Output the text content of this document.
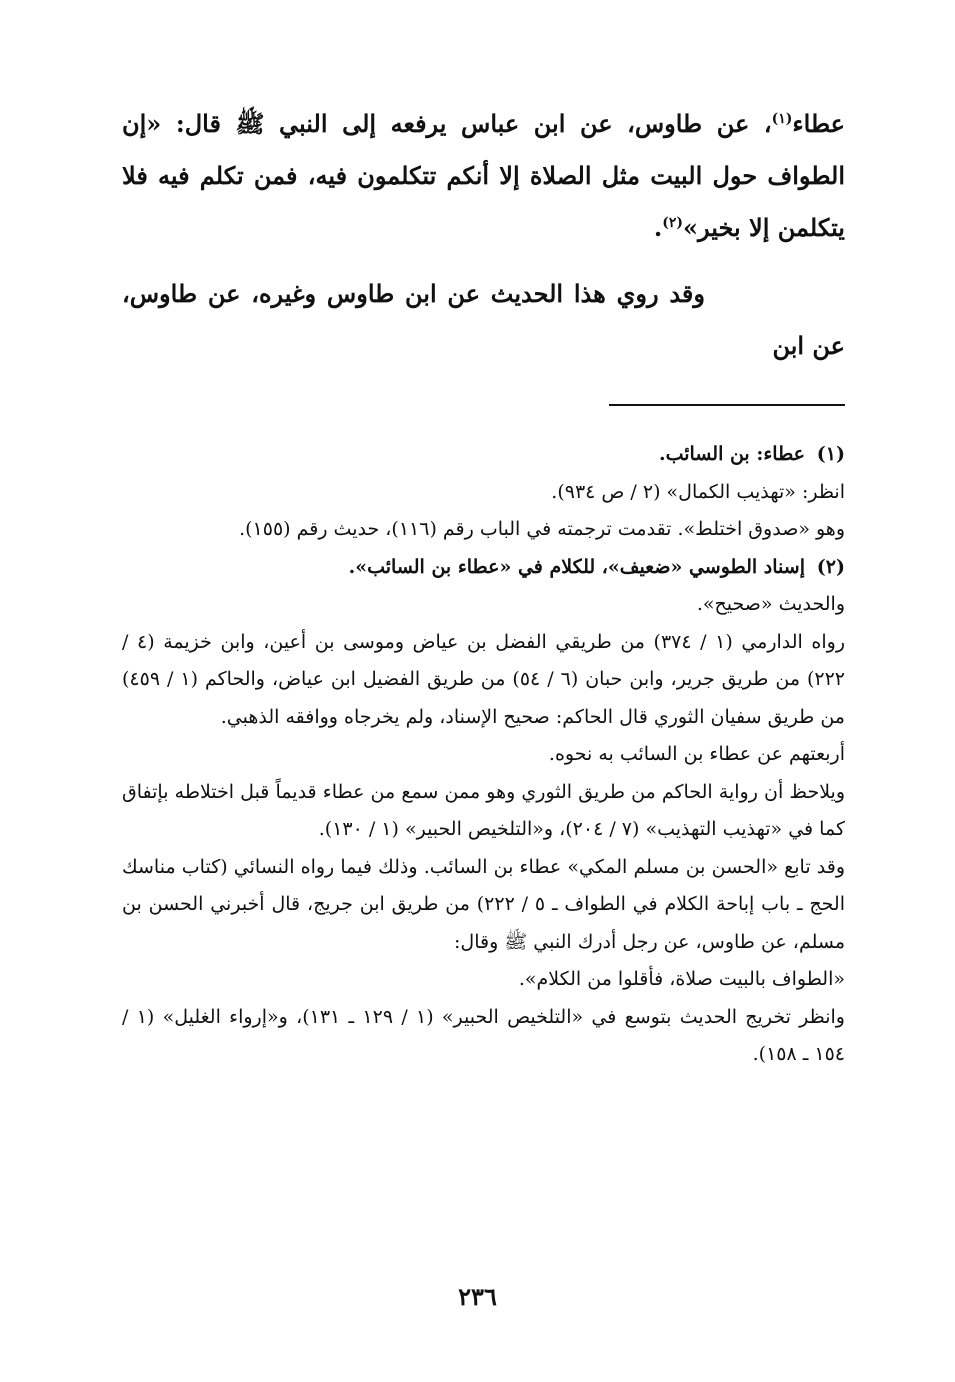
عطاء$^{(١)}$، عن طاوس، عن ابن عباس يرفعه إلى النبي ﷺ قال: «إن الطواف حول البيت مثل الصلاة إلا أنكم تتكلمون فيه، فمن تكلم فيه فلا يتكلمن إلا بخير»$^{(٢)}$.

وقد روي هذا الحديث عن ابن طاوس وغيره، عن طاوس، عن ابن

(١)عطاء: بن السائب.

انظر: «تهذيب الكمال» (٢ / ص ٩٣٤).

وهو «صدوق اختلط». تقدمت ترجمته في الباب رقم (١١٦)، حديث رقم (١٥٥).

(٢)إسناد الطوسي «ضعيف»، للكلام في «عطاء بن السائب».

والحديث «صحيح».

رواه الدارمي (١ / ٣٧٤) من طريقي الفضل بن عياض وموسى بن أعين، وابن خزيمة (٤ / ٢٢٢) من طريق جرير، وابن حبان (٦ / ٥٤) من طريق الفضيل ابن عياض، والحاكم (١ / ٤٥٩) من طريق سفيان الثوري قال الحاكم: صحيح الإسناد، ولم يخرجاه ووافقه الذهبي.

أربعتهم عن عطاء بن السائب به نحوه.

ويلاحظ أن رواية الحاكم من طريق الثوري وهو ممن سمع من عطاء قديماً قبل اختلاطه بإتفاق كما في «تهذيب التهذيب» (٧ / ٢٠٤)، و«التلخيص الحبير» (١ / ١٣٠).

وقد تابع «الحسن بن مسلم المكي» عطاء بن السائب. وذلك فيما رواه النسائي (كتاب مناسك الحج ـ باب إباحة الكلام في الطواف ـ ٥ / ٢٢٢) من طريق ابن جريج، قال أخبرني الحسن بن مسلم، عن طاوس، عن رجل أدرك النبي ﷺ وقال:

«الطواف بالبيت صلاة، فأقلوا من الكلام».

وانظر تخريج الحديث بتوسع في «التلخيص الحبير» (١ / ١٢٩ ـ ١٣١)، و«إرواء الغليل» (١ / ١٥٤ ـ ١٥٨).

٢٣٦
